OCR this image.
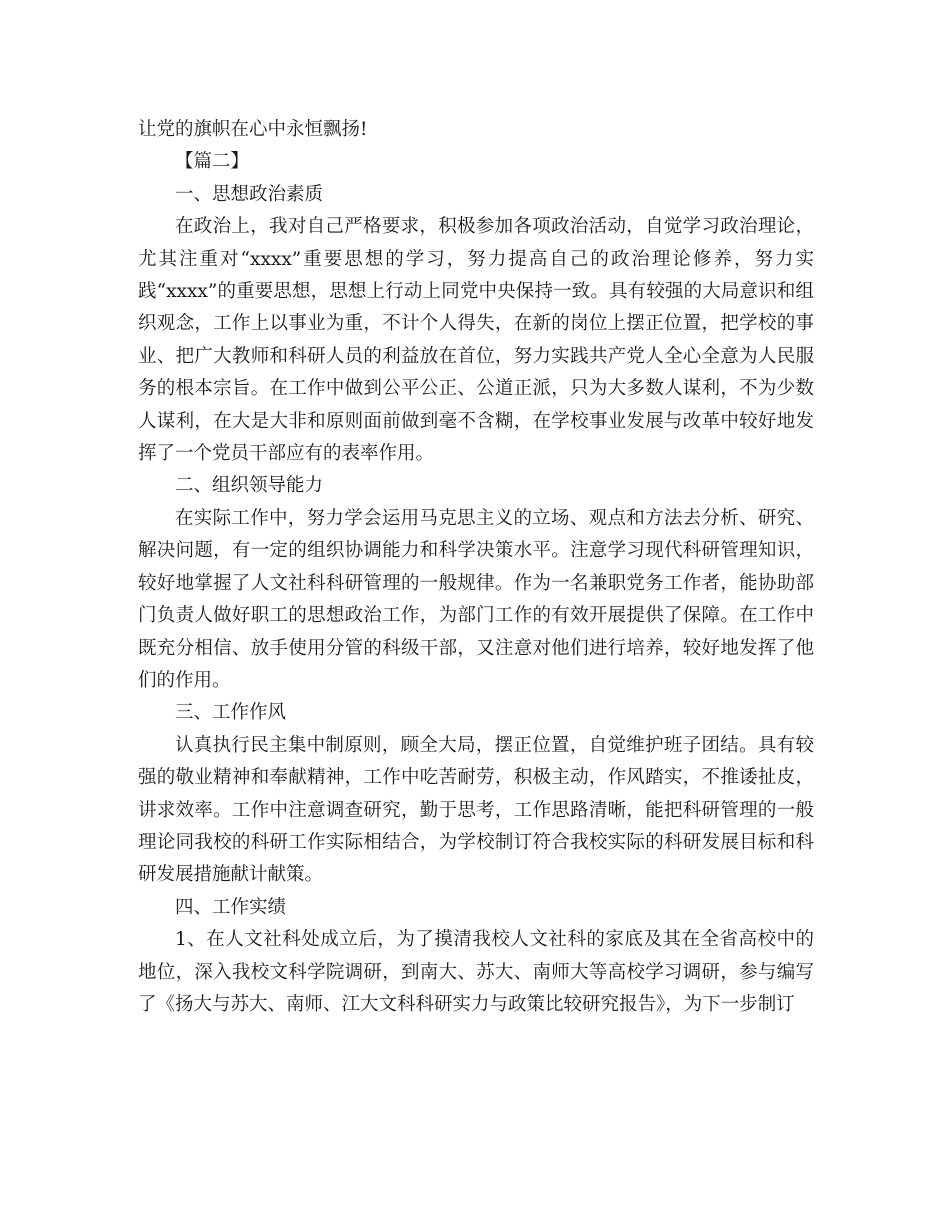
让党的旗帜在心中永恒飘扬!

【篇二】

一、思想政治素质

在政治上，我对自己严格要求，积极参加各项政治活动，自觉学习政治理论，尤其注重对“xxxx”重要思想的学习，努力提高自己的政治理论修养，努力实践“xxxx”的重要思想，思想上行动上同党中央保持一致。具有较强的大局意识和组织观念，工作上以事业为重，不计个人得失，在新的岗位上摆正位置，把学校的事业、把广大教师和科研人员的利益放在首位，努力实践共产党人全心全意为人民服务的根本宗旨。在工作中做到公平公正、公道正派，只为大多数人谋利，不为少数人谋利，在大是大非和原则面前做到毫不含糊，在学校事业发展与改革中较好地发挥了一个党员干部应有的表率作用。

二、组织领导能力

在实际工作中，努力学会运用马克思主义的立场、观点和方法去分析、研究、解决问题，有一定的组织协调能力和科学决策水平。注意学习现代科研管理知识，较好地掌握了人文社科科研管理的一般规律。作为一名兼职党务工作者，能协助部门负责人做好职工的思想政治工作，为部门工作的有效开展提供了保障。在工作中既充分相信、放手使用分管的科级干部，又注意对他们进行培养，较好地发挥了他们的作用。

三、工作作风

认真执行民主集中制原则，顾全大局，摆正位置，自觉维护班子团结。具有较强的敬业精神和奉献精神，工作中吃苦耐劳，积极主动，作风踏实，不推诿扯皮，讲求效率。工作中注意调查研究，勤于思考，工作思路清晰，能把科研管理的一般理论同我校的科研工作实际相结合，为学校制订符合我校实际的科研发展目标和科研发展措施献计献策。

四、工作实绩

1、在人文社科处成立后，为了摸清我校人文社科的家底及其在全省高校中的地位，深入我校文科学院调研，到南大、苏大、南师大等高校学习调研，参与编写了《扬大与苏大、南师、江大文科科研实力与政策比较研究报告》，为下一步制订
